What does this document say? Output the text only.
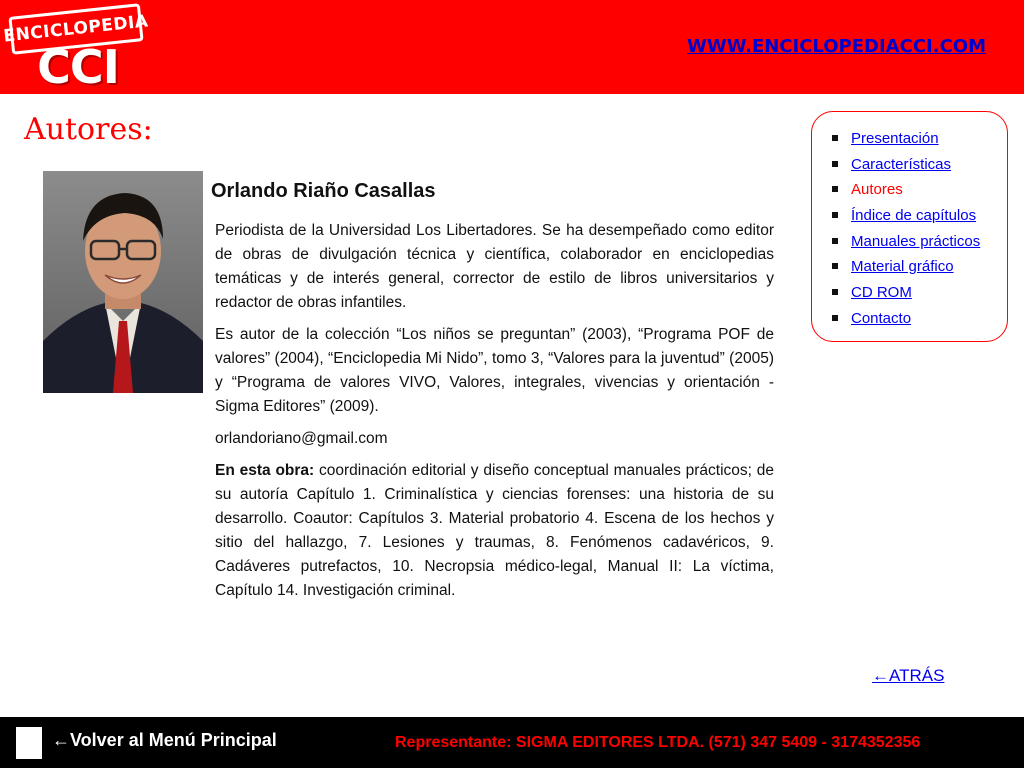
ENCICLOPEDIA
CCI	WWW.ENCICLOPEDIACCI.COM
Autores:
Orlando Riaño Casallas

Periodista de la Universidad Los Libertadores. Se ha desempeñado como editor de obras de divulgación técnica y científica, colaborador en enciclopedias temáticas y de interés general, corrector de estilo de libros universitarios y redactor de obras infantiles.

Es autor de la colección “Los niños se preguntan” (2003), “Programa POF de valores” (2004), “Enciclopedia Mi Nido”, tomo 3, “Valores para la juventud” (2005) y “Programa de valores VIVO, Valores, integrales, vivencias y orientación - Sigma Editores” (2009).

orlandoriano@gmail.com

En esta obra: coordinación editorial y diseño conceptual manuales prácticos; de su autoría Capítulo 1. Criminalística y ciencias forenses: una historia de su desarrollo. Coautor: Capítulos 3. Material probatorio 4. Escena de los hechos y sitio del hallazgo, 7. Lesiones y traumas, 8. Fenómenos cadavéricos, 9. Cadáveres putrefactos, 10. Necropsia médico-legal, Manual II: La víctima, Capítulo 14. Investigación criminal.

Presentación
Características
Autores
Índice de capítulos
Manuales prácticos
Material gráfico
CD ROM
Contacto
←ATRÁS
←Volver al Menú Principal	Representante: SIGMA EDITORES LTDA. (571) 347 5409 - 3174352356
